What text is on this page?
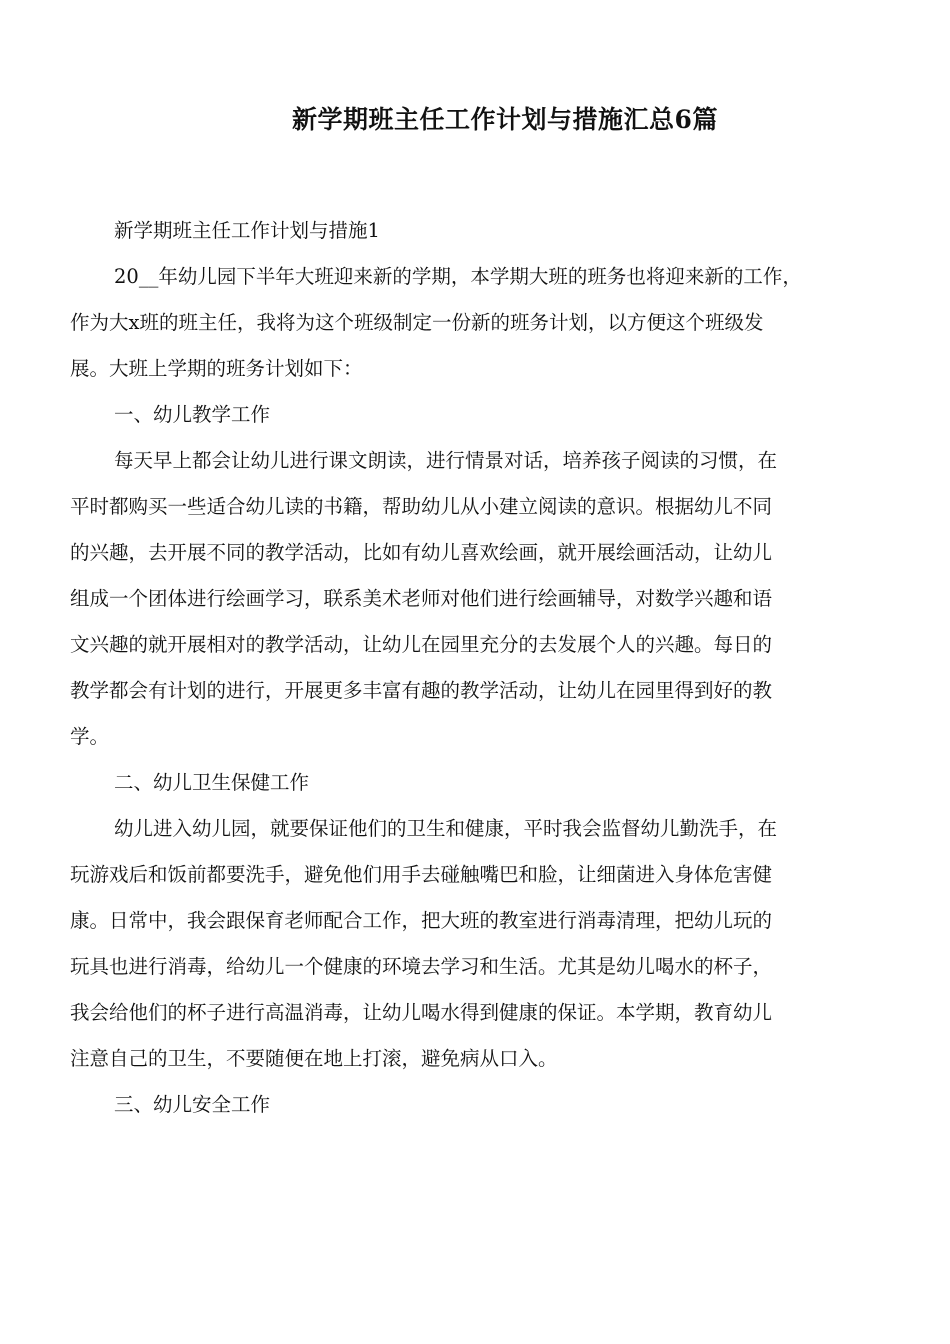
新学期班主任工作计划与措施汇总6篇
新学期班主任工作计划与措施1
20__年幼儿园下半年大班迎来新的学期，本学期大班的班务也将迎来新的工作，
作为大x班的班主任，我将为这个班级制定一份新的班务计划，以方便这个班级发
展。大班上学期的班务计划如下：
一、幼儿教学工作
每天早上都会让幼儿进行课文朗读，进行情景对话，培养孩子阅读的习惯，在
平时都购买一些适合幼儿读的书籍，帮助幼儿从小建立阅读的意识。根据幼儿不同
的兴趣，去开展不同的教学活动，比如有幼儿喜欢绘画，就开展绘画活动，让幼儿
组成一个团体进行绘画学习，联系美术老师对他们进行绘画辅导，对数学兴趣和语
文兴趣的就开展相对的教学活动，让幼儿在园里充分的去发展个人的兴趣。每日的
教学都会有计划的进行，开展更多丰富有趣的教学活动，让幼儿在园里得到好的教
学。
二、幼儿卫生保健工作
幼儿进入幼儿园，就要保证他们的卫生和健康，平时我会监督幼儿勤洗手，在
玩游戏后和饭前都要洗手，避免他们用手去碰触嘴巴和脸，让细菌进入身体危害健
康。日常中，我会跟保育老师配合工作，把大班的教室进行消毒清理，把幼儿玩的
玩具也进行消毒，给幼儿一个健康的环境去学习和生活。尤其是幼儿喝水的杯子，
我会给他们的杯子进行高温消毒，让幼儿喝水得到健康的保证。本学期，教育幼儿
注意自己的卫生，不要随便在地上打滚，避免病从口入。
三、幼儿安全工作
